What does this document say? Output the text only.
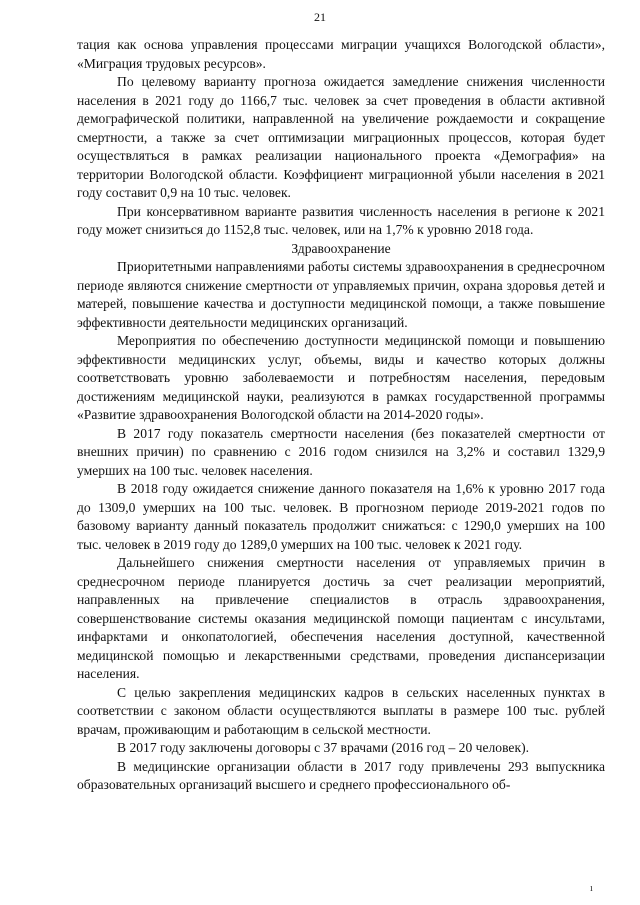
21

тация как основа управления процессами миграции учащихся Вологодской области», «Миграция трудовых ресурсов».

По целевому варианту прогноза ожидается замедление снижения численности населения в 2021 году до 1166,7 тыс. человек за счет проведения в области активной демографической политики, направленной на увеличение рождаемости и сокращение смертности, а также за счет оптимизации миграционных процессов, которая будет осуществляться в рамках реализации национального проекта «Демография» на территории Вологодской области. Коэффициент миграционной убыли населения в 2021 году составит 0,9 на 10 тыс. человек.

При консервативном варианте развития численность населения в регионе к 2021 году может снизиться до 1152,8 тыс. человек, или на 1,7% к уровню 2018 года.

Здравоохранение

Приоритетными направлениями работы системы здравоохранения в среднесрочном периоде являются снижение смертности от управляемых причин, охрана здоровья детей и матерей, повышение качества и доступности медицинской помощи, а также повышение эффективности деятельности медицинских организаций.

Мероприятия по обеспечению доступности медицинской помощи и повышению эффективности медицинских услуг, объемы, виды и качество которых должны соответствовать уровню заболеваемости и потребностям населения, передовым достижениям медицинской науки, реализуются в рамках государственной программы «Развитие здравоохранения Вологодской области на 2014-2020 годы».

В 2017 году показатель смертности населения (без показателей смертности от внешних причин) по сравнению с 2016 годом снизился на 3,2% и составил 1329,9 умерших на 100 тыс. человек населения.

В 2018 году ожидается снижение данного показателя на 1,6% к уровню 2017 года до 1309,0 умерших на 100 тыс. человек. В прогнозном периоде 2019-2021 годов по базовому варианту данный показатель продолжит снижаться: с 1290,0 умерших на 100 тыс. человек в 2019 году до 1289,0 умерших на 100 тыс. человек к 2021 году.

Дальнейшего снижения смертности населения от управляемых причин в среднесрочном периоде планируется достичь за счет реализации мероприятий, направленных на привлечение специалистов в отрасль здравоохранения, совершенствование системы оказания медицинской помощи пациентам с инсультами, инфарктами и онкопатологией, обеспечения населения доступной, качественной медицинской помощью и лекарственными средствами, проведения диспансеризации населения.

С целью закрепления медицинских кадров в сельских населенных пунктах в соответствии с законом области осуществляются выплаты в размере 100 тыс. рублей врачам, проживающим и работающим в сельской местности.

В 2017 году заключены договоры с 37 врачами (2016 год – 20 человек).

В медицинские организации области в 2017 году привлечены 293 выпускника образовательных организаций высшего и среднего профессионального об-

ı
